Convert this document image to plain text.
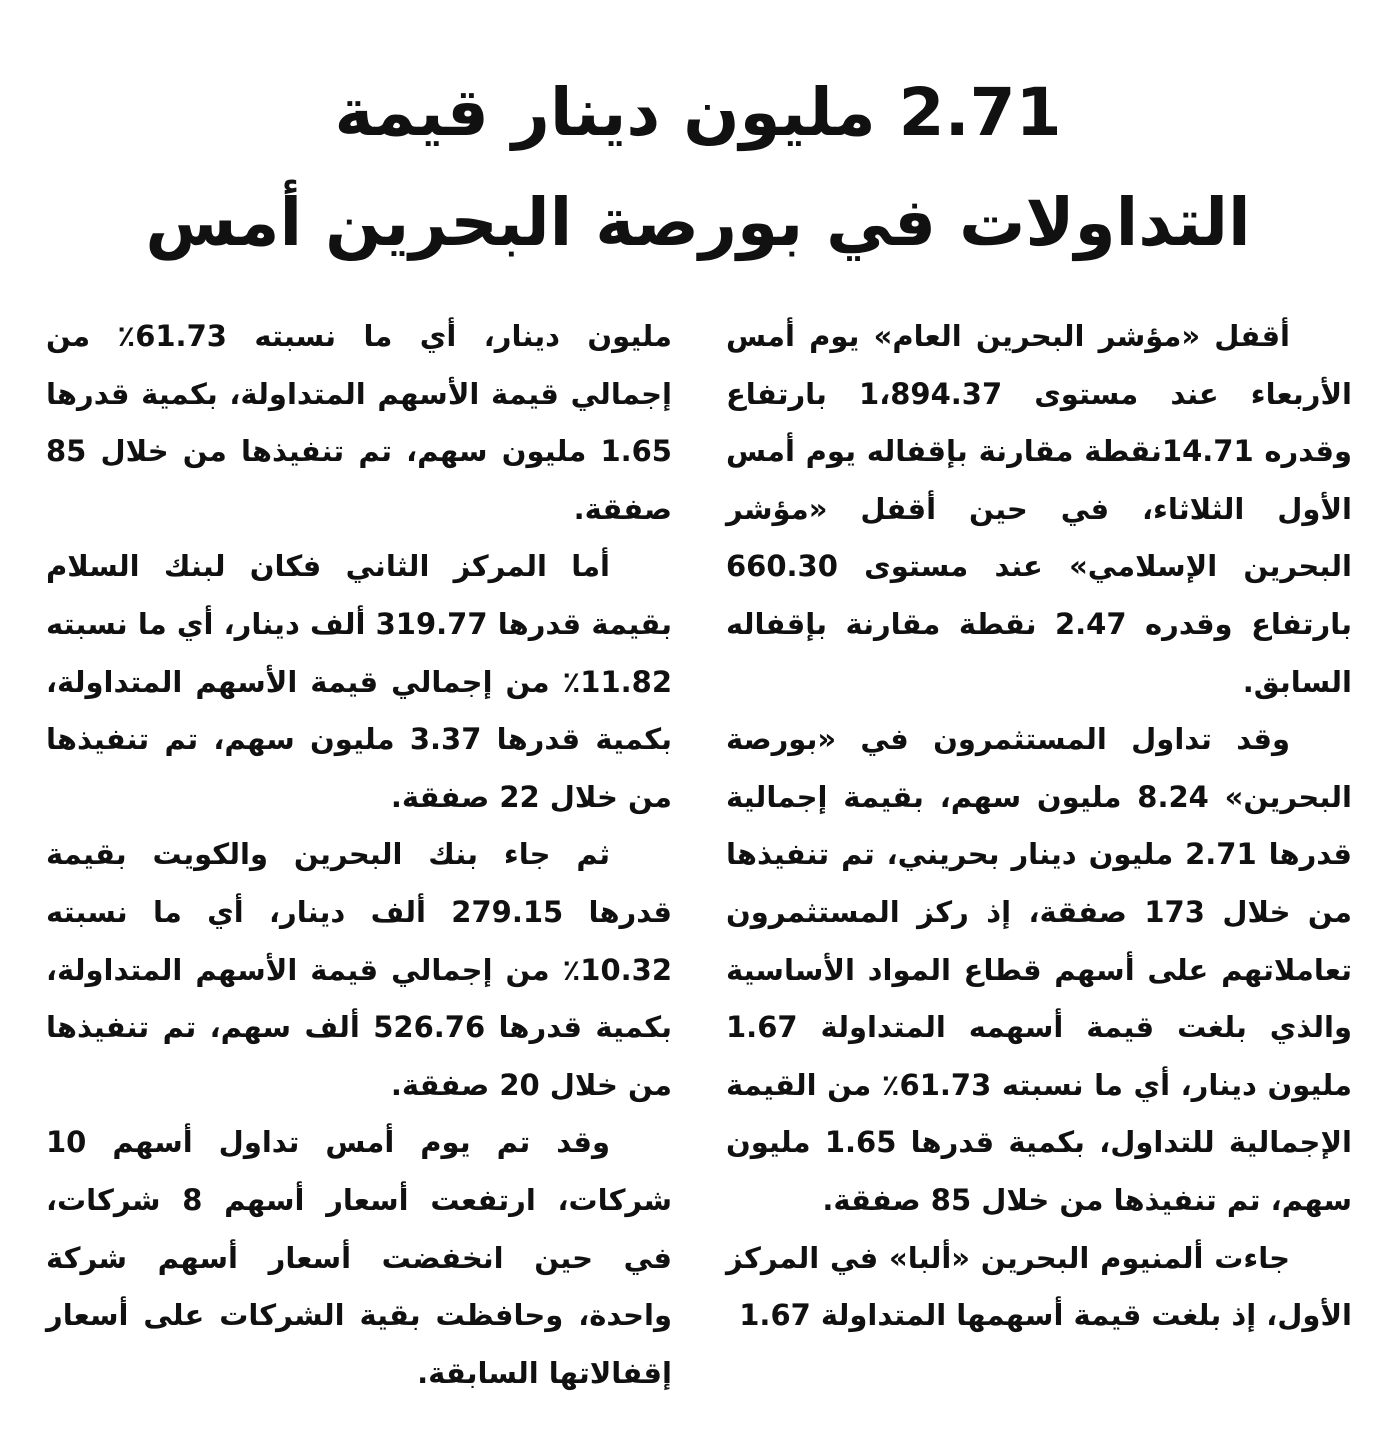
2.71 مليون دينار قيمة
التداولات في بورصة البحرين أمس

أقفل «مؤشر البحرين العام» يوم أمس الأربعاء عند مستوى 1،894.37 بارتفاع وقدره 14.71نقطة مقارنة بإقفاله يوم أمس الأول الثلاثاء، في حين أقفل «مؤشر البحرين الإسلامي» عند مستوى 660.30 بارتفاع وقدره 2.47 نقطة مقارنة بإقفاله السابق.

وقد تداول المستثمرون في «بورصة البحرين» 8.24 مليون سهم، بقيمة إجمالية قدرها 2.71 مليون دينار بحريني، تم تنفيذها من خلال 173 صفقة، إذ ركز المستثمرون تعاملاتهم على أسهم قطاع المواد الأساسية والذي بلغت قيمة أسهمه المتداولة 1.67 مليون دينار، أي ما نسبته 61.73٪ من القيمة الإجمالية للتداول، بكمية قدرها 1.65 مليون سهم، تم تنفيذها من خلال 85 صفقة.

جاءت ألمنيوم البحرين «ألبا» في المركز الأول، إذ بلغت قيمة أسهمها المتداولة 1.67

مليون دينار، أي ما نسبته 61.73٪ من إجمالي قيمة الأسهم المتداولة، بكمية قدرها 1.65 مليون سهم، تم تنفيذها من خلال 85 صفقة.

أما المركز الثاني فكان لبنك السلام بقيمة قدرها 319.77 ألف دينار، أي ما نسبته 11.82٪ من إجمالي قيمة الأسهم المتداولة، بكمية قدرها 3.37 مليون سهم، تم تنفيذها من خلال 22 صفقة.

ثم جاء بنك البحرين والكويت بقيمة قدرها 279.15 ألف دينار، أي ما نسبته 10.32٪ من إجمالي قيمة الأسهم المتداولة، بكمية قدرها 526.76 ألف سهم، تم تنفيذها من خلال 20 صفقة.

وقد تم يوم أمس تداول أسهم 10 شركات، ارتفعت أسعار أسهم 8 شركات، في حين انخفضت أسعار أسهم شركة واحدة، وحافظت بقية الشركات على أسعار إقفالاتها السابقة.
